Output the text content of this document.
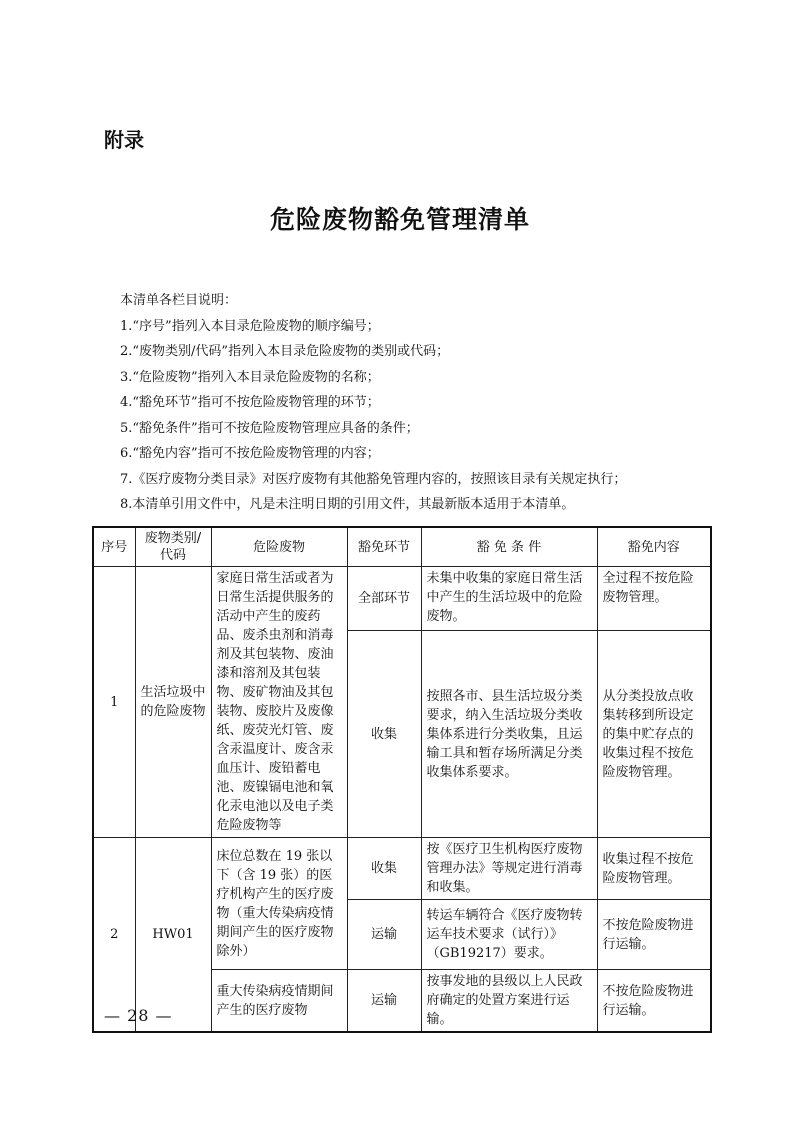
附录
危险废物豁免管理清单
本清单各栏目说明：
1.“序号”指列入本目录危险废物的顺序编号；
2.“废物类别/代码”指列入本目录危险废物的类别或代码；
3.“危险废物”指列入本目录危险废物的名称；
4.“豁免环节”指可不按危险废物管理的环节；
5.“豁免条件”指可不按危险废物管理应具备的条件；
6.“豁免内容”指可不按危险废物管理的内容；
7.《医疗废物分类目录》对医疗废物有其他豁免管理内容的，按照该目录有关规定执行；
8.本清单引用文件中，凡是未注明日期的引用文件，其最新版本适用于本清单。
序号	废物类别/代码	危险废物	豁免环节	豁 免 条 件	豁免内容
1	生活垃圾中的危险废物	家庭日常生活或者为日常生活提供服务的活动中产生的废药品、废杀虫剂和消毒剂及其包装物、废油漆和溶剂及其包装物、废矿物油及其包装物、废胶片及废像纸、废荧光灯管、废含汞温度计、废含汞血压计、废铅蓄电池、废镍镉电池和氧化汞电池以及电子类危险废物等	全部环节	未集中收集的家庭日常生活中产生的生活垃圾中的危险废物。	全过程不按危险废物管理。
			收集	按照各市、县生活垃圾分类要求，纳入生活垃圾分类收集体系进行分类收集，且运输工具和暂存场所满足分类收集体系要求。	从分类投放点收集转移到所设定的集中贮存点的收集过程不按危险废物管理。
2	HW01	床位总数在 19 张以下（含 19 张）的医疗机构产生的医疗废物（重大传染病疫情期间产生的医疗废物除外）	收集	按《医疗卫生机构医疗废物管理办法》等规定进行消毒和收集。	收集过程不按危险废物管理。
			运输	转运车辆符合《医疗废物转运车技术要求（试行）》（GB19217）要求。	不按危险废物进行运输。
		重大传染病疫情期间产生的医疗废物	运输	按事发地的县级以上人民政府确定的处置方案进行运输。	不按危险废物进行运输。
— 28 —
